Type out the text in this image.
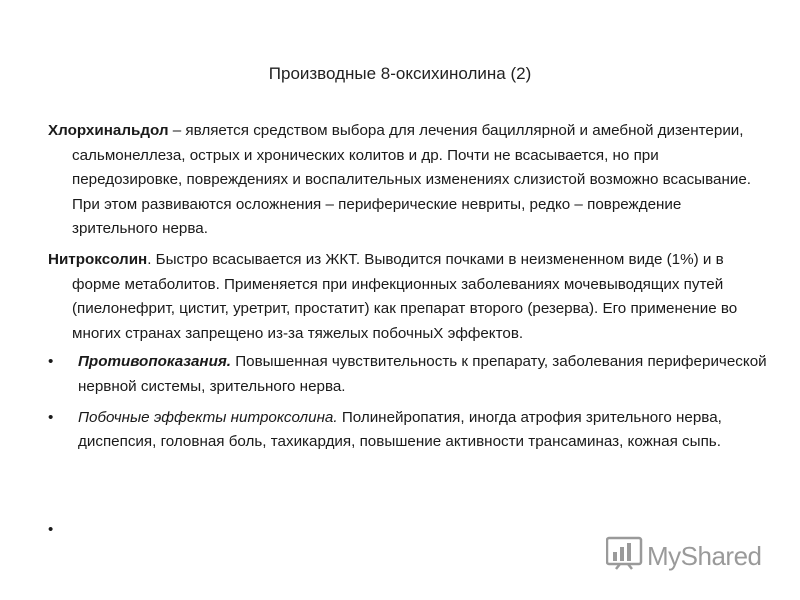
Производные 8-оксихинолина (2)
Хлорхинальдол – является средством выбора для лечения бациллярной и амебной дизентерии, сальмонеллеза, острых и хронических колитов и др. Почти не всасывается, но при передозировке, повреждениях и воспалительных изменениях слизистой возможно всасывание. При этом развиваются осложнения – периферические невриты, редко – повреждение зрительного нерва.
Нитроксолин. Быстро всасывается из ЖКТ. Выводится почками в неизмененном виде (1%) и в форме метаболитов. Применяется при инфекционных заболеваниях мочевыводящих путей (пиелонефрит, цистит, уретрит, простатит) как препарат второго (резерва). Его применение во многих странах запрещено из-за тяжелых побочныХ эффектов.
• Противопоказания. Повышенная чувствительность к препарату, заболевания периферической нервной системы, зрительного нерва.
• Побочные эффекты нитроксолина. Полинейропатия, иногда атрофия зрительного нерва, диспепсия, головная боль, тахикардия, повышение активности трансаминаз, кожная сыпь.
•
MyShared
